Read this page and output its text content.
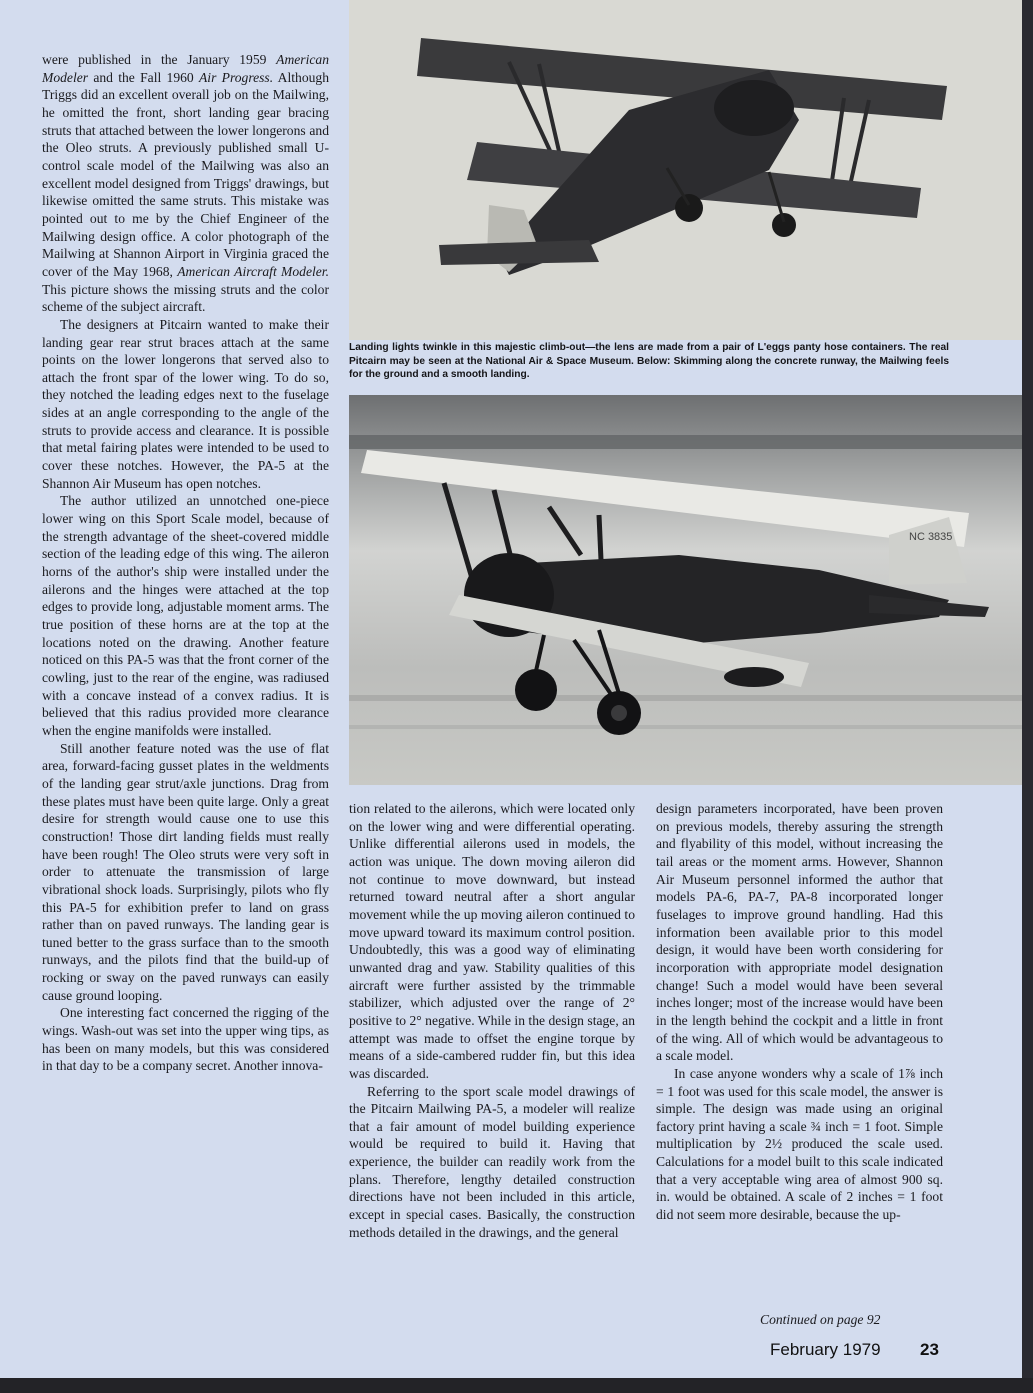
were published in the January 1959 American Modeler and the Fall 1960 Air Progress. Although Triggs did an excellent overall job on the Mailwing, he omitted the front, short landing gear bracing struts that attached between the lower longerons and the Oleo struts. A previously published small U-control scale model of the Mailwing was also an excellent model designed from Triggs' drawings, but likewise omitted the same struts. This mistake was pointed out to me by the Chief Engineer of the Mailwing design office. A color photograph of the Mailwing at Shannon Airport in Virginia graced the cover of the May 1968, American Aircraft Modeler. This picture shows the missing struts and the color scheme of the subject aircraft.

The designers at Pitcairn wanted to make their landing gear rear strut braces attach at the same points on the lower longerons that served also to attach the front spar of the lower wing. To do so, they notched the leading edges next to the fuselage sides at an angle corresponding to the angle of the struts to provide access and clearance. It is possible that metal fairing plates were intended to be used to cover these notches. However, the PA-5 at the Shannon Air Museum has open notches.

The author utilized an unnotched one-piece lower wing on this Sport Scale model, because of the strength advantage of the sheet-covered middle section of the leading edge of this wing. The aileron horns of the author's ship were installed under the ailerons and the hinges were attached at the top edges to provide long, adjustable moment arms. The true position of these horns are at the top at the locations noted on the drawing. Another feature noticed on this PA-5 was that the front corner of the cowling, just to the rear of the engine, was radiused with a concave instead of a convex radius. It is believed that this radius provided more clearance when the engine manifolds were installed.

Still another feature noted was the use of flat area, forward-facing gusset plates in the weldments of the landing gear strut/axle junctions. Drag from these plates must have been quite large. Only a great desire for strength would cause one to use this construction! Those dirt landing fields must really have been rough! The Oleo struts were very soft in order to attenuate the transmission of large vibrational shock loads. Surprisingly, pilots who fly this PA-5 for exhibition prefer to land on grass rather than on paved runways. The landing gear is tuned better to the grass surface than to the smooth runways, and the pilots find that the build-up of rocking or sway on the paved runways can easily cause ground looping.

One interesting fact concerned the rigging of the wings. Wash-out was set into the upper wing tips, as has been on many models, but this was considered in that day to be a company secret. Another innova-

Landing lights twinkle in this majestic climb-out—the lens are made from a pair of L'eggs panty hose containers. The real Pitcairn may be seen at the National Air & Space Museum. Below: Skimming along the concrete runway, the Mailwing feels for the ground and a smooth landing.
NC 3835

tion related to the ailerons, which were located only on the lower wing and were differential operating. Unlike differential ailerons used in models, the action was unique. The down moving aileron did not continue to move downward, but instead returned toward neutral after a short angular movement while the up moving aileron continued to move upward toward its maximum control position. Undoubtedly, this was a good way of eliminating unwanted drag and yaw. Stability qualities of this aircraft were further assisted by the trimmable stabilizer, which adjusted over the range of 2° positive to 2° negative. While in the design stage, an attempt was made to offset the engine torque by means of a side-cambered rudder fin, but this idea was discarded.

Referring to the sport scale model drawings of the Pitcairn Mailwing PA-5, a modeler will realize that a fair amount of model building experience would be required to build it. Having that experience, the builder can readily work from the plans. Therefore, lengthy detailed construction directions have not been included in this article, except in special cases. Basically, the construction methods detailed in the drawings, and the general

design parameters incorporated, have been proven on previous models, thereby assuring the strength and flyability of this model, without increasing the tail areas or the moment arms. However, Shannon Air Museum personnel informed the author that models PA-6, PA-7, PA-8 incorporated longer fuselages to improve ground handling. Had this information been available prior to this model design, it would have been worth considering for incorporation with appropriate model designation change! Such a model would have been several inches longer; most of the increase would have been in the length behind the cockpit and a little in front of the wing. All of which would be advantageous to a scale model.

In case anyone wonders why a scale of 1⅞ inch = 1 foot was used for this scale model, the answer is simple. The design was made using an original factory print having a scale ¾ inch = 1 foot. Simple multiplication by 2½ produced the scale used. Calculations for a model built to this scale indicated that a very acceptable wing area of almost 900 sq. in. would be obtained. A scale of 2 inches = 1 foot did not seem more desirable, because the up-

Continued on page 92
February 1979 23
